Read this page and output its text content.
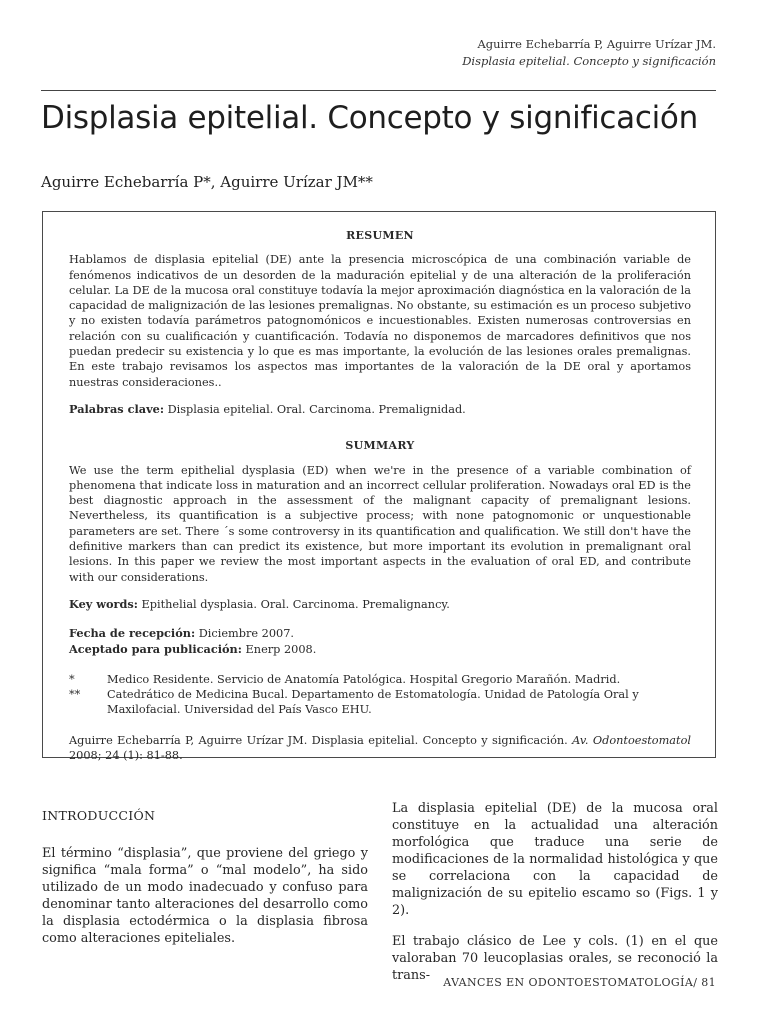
Aguirre Echebarría P, Aguirre Urízar JM.
Displasia epitelial. Concepto y significación
Displasia epitelial. Concepto y significación
Aguirre Echebarría P*, Aguirre Urízar JM**
RESUMEN

Hablamos de displasia epitelial (DE) ante la presencia microscópica de una combinación variable de fenómenos indicativos de un desorden de la maduración epitelial y de una alteración de la proliferación celular. La DE de la mucosa oral constituye todavía la mejor aproximación diagnóstica en la valoración de la capacidad de malignización de las lesiones premalignas. No obstante, su estimación es un proceso subjetivo y no existen todavía parámetros patognomónicos e incuestionables. Existen numerosas controversias en relación con su cualificación y cuantificación. Todavía no disponemos de marcadores definitivos que nos puedan predecir su existencia y lo que es mas importante, la evolución de las lesiones orales premalignas. En este trabajo revisamos los aspectos mas importantes de la valoración de la DE oral y aportamos nuestras consideraciones..

Palabras clave: Displasia epitelial. Oral. Carcinoma. Premalignidad.

SUMMARY

We use the term epithelial dysplasia (ED) when we're in the presence of a variable combination of phenomena that indicate loss in maturation and an incorrect cellular proliferation. Nowadays oral ED is the best diagnostic approach in the assessment of the malignant capacity of premalignant lesions. Nevertheless, its quantification is a subjective process; with none patognomonic or unquestionable parameters are set. There ´s some controversy in its quantification and qualification. We still don't have the definitive markers than can predict its existence, but more important its evolution in premalignant oral lesions. In this paper we review the most important aspects in the evaluation of oral ED, and contribute with our considerations.

Key words: Epithelial dysplasia. Oral. Carcinoma. Premalignancy.

Fecha de recepción: Diciembre 2007.
Aceptado para publicación: Enerp 2008.
*	Medico Residente. Servicio de Anatomía Patológica. Hospital Gregorio Marañón. Madrid.
**	Catedrático de Medicina Bucal. Departamento de Estomatología. Unidad de Patología Oral y Maxilofacial. Universidad del País Vasco EHU.

Aguirre Echebarría P, Aguirre Urízar JM. Displasia epitelial. Concepto y significación. Av. Odontoestomatol 2008; 24 (1): 81-88.

INTRODUCCIÓN

El término “displasia”, que proviene del griego y significa “mala forma” o “mal modelo”, ha sido utilizado de un modo inadecuado y confuso para denominar tanto alteraciones del desarrollo como la displasia ectodérmica o la displasia fibrosa como alteraciones epiteliales.

La displasia epitelial (DE) de la mucosa oral constituye en la actualidad una alteración morfológica que traduce una serie de modificaciones de la normalidad histológica y que se correlaciona con la capacidad de malignización de su epitelio escamo so (Figs. 1 y 2).

El trabajo clásico de Lee y cols. (1) en el que valoraban 70 leucoplasias orales, se reconoció la trans-	AVANCES EN ODONTOESTOMATOLOGÍA/ 81
